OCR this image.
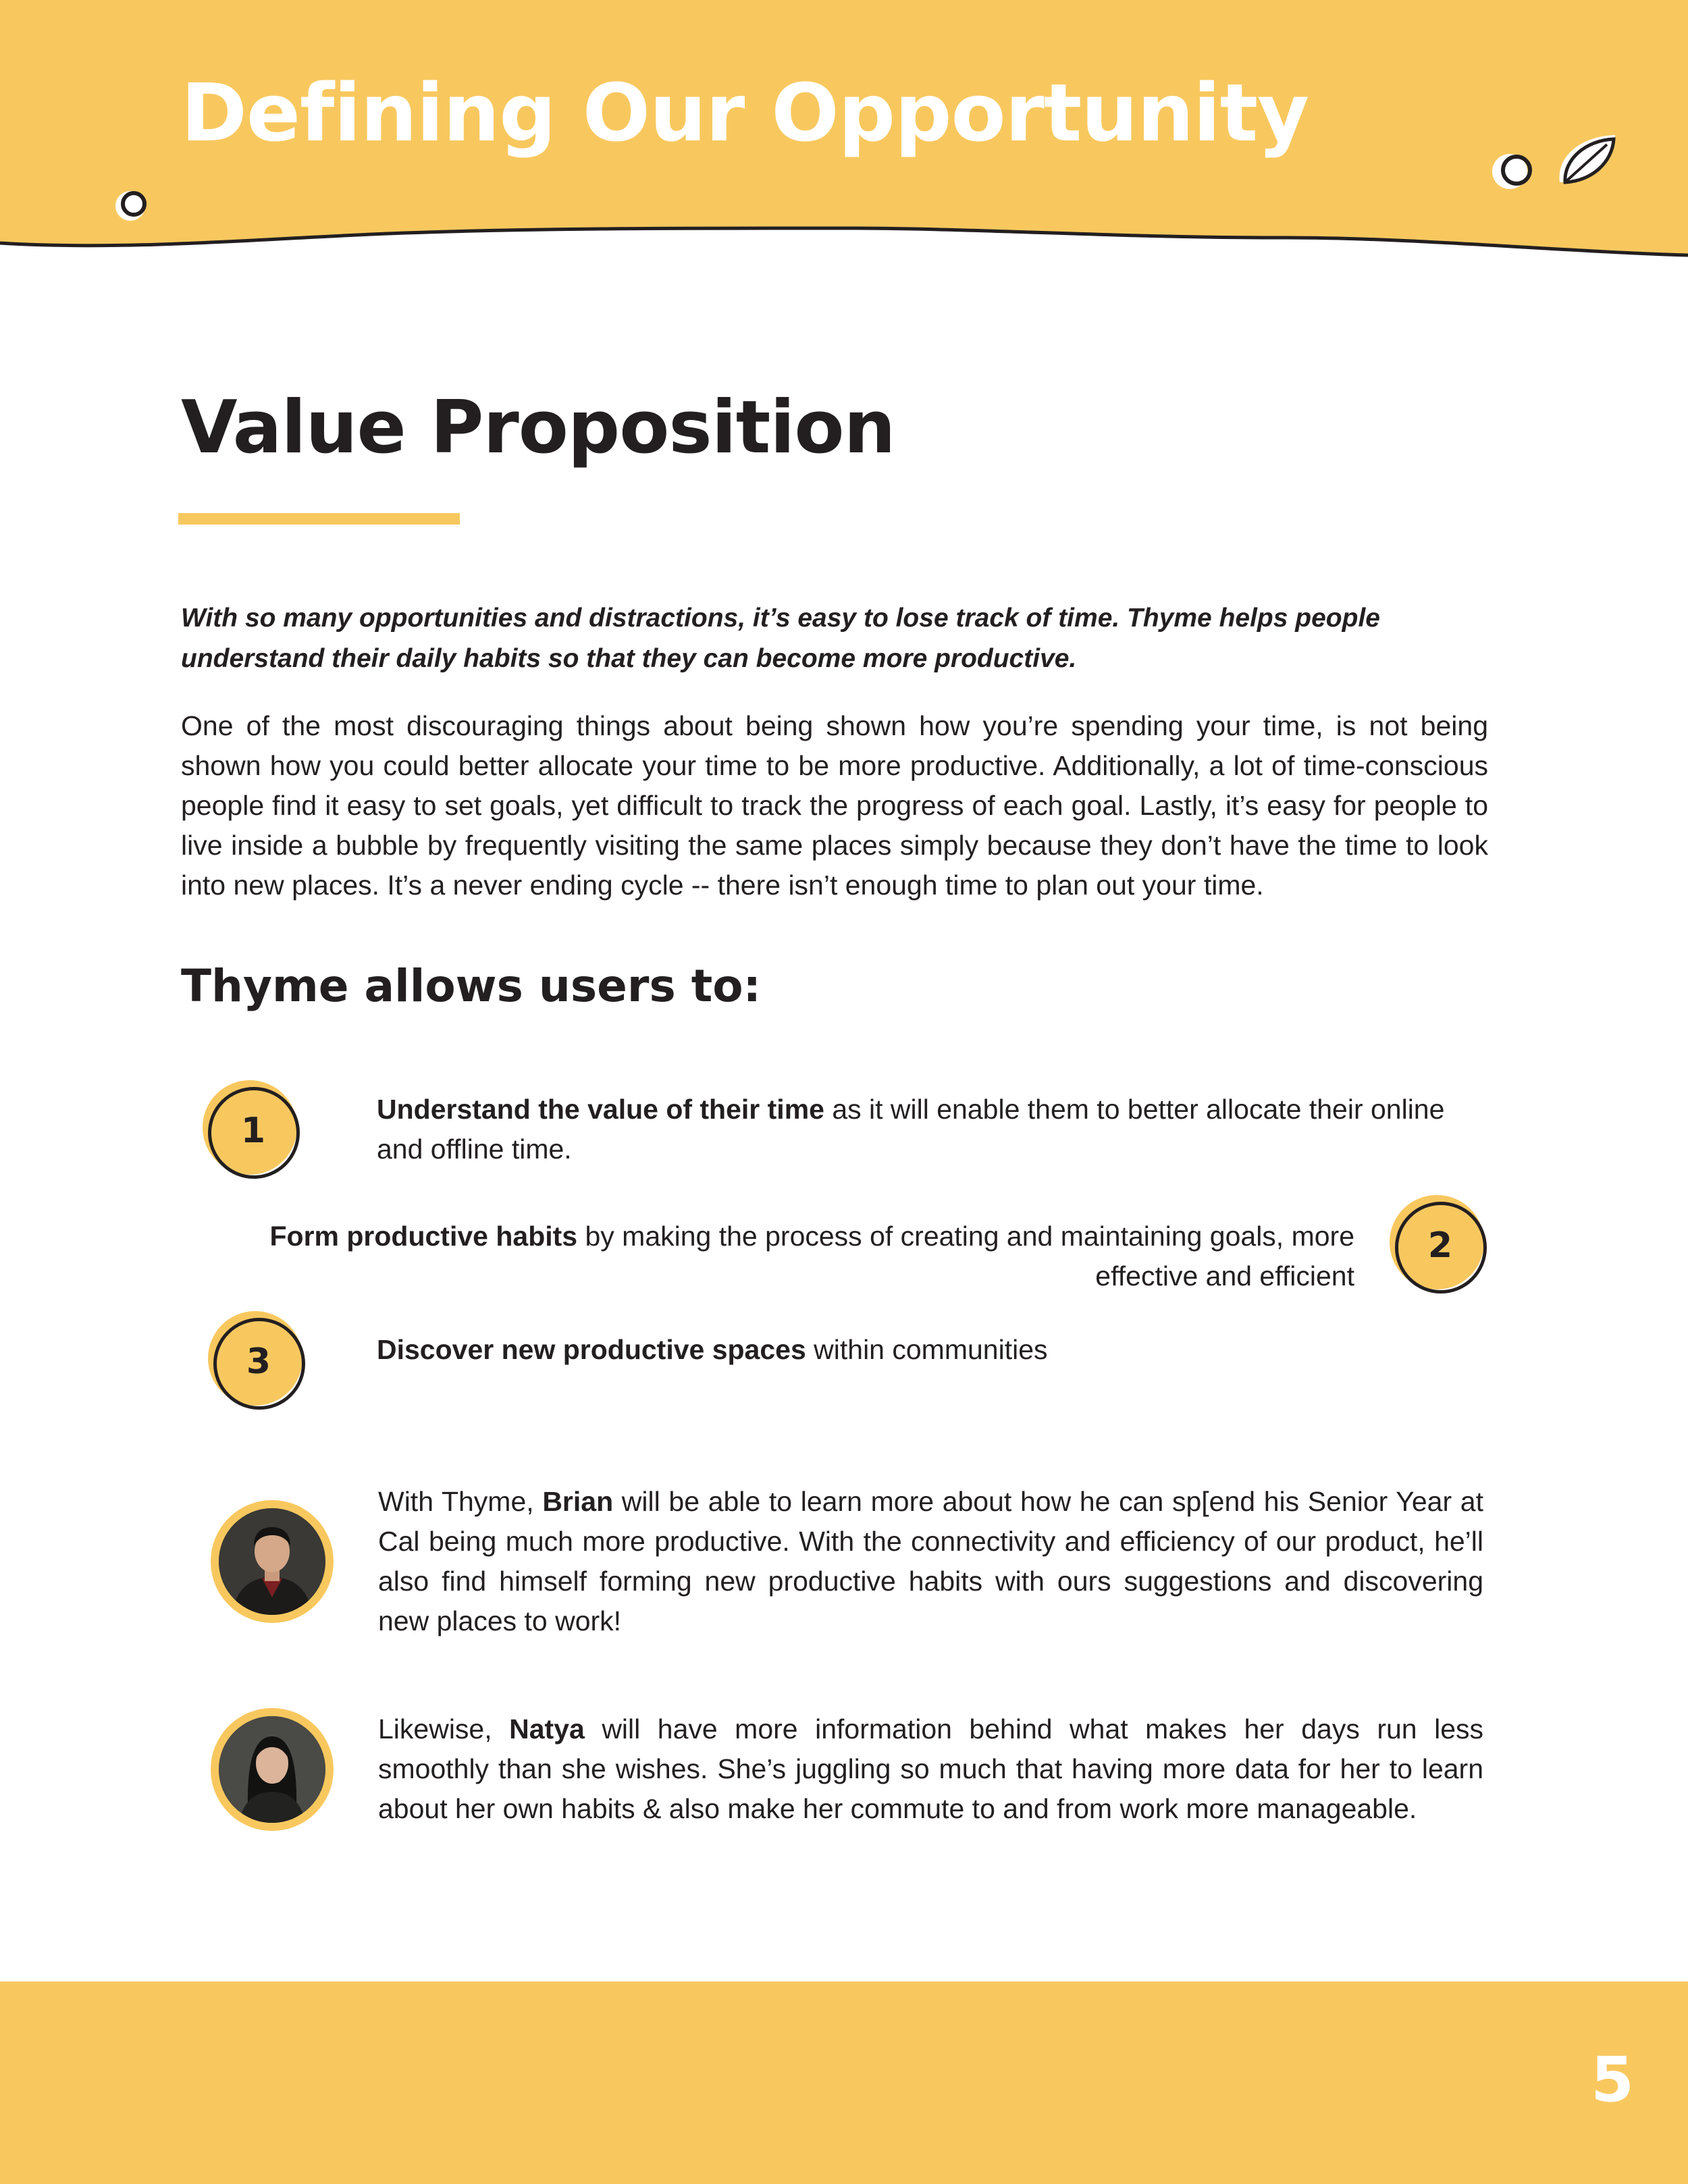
Defining Our Opportunity
Value Proposition

With so many opportunities and distractions, it’s easy to lose track of time. Thyme helps people understand their daily habits so that they can become more productive.

One of the most discouraging things about being shown how you’re spending your time, is not being shown how you could better allocate your time to be more productive. Additionally, a lot of time-conscious people find it easy to set goals, yet difficult to track the progress of each goal. Lastly, it’s easy for people to live inside a bubble by frequently visiting the same places simply because they don’t have the time to look into new places. It’s a never ending cycle -- there isn’t enough time to plan out your time.

Thyme allows users to:
1

Understand the value of their time as it will enable them to better allocate their online and offline time.

Form productive habits by making the process of creating and maintaining goals, more effective and efficient

2
3	Discover new productive spaces within communities

With Thyme, Brian will be able to learn more about how he can sp[end his Senior Year at Cal being much more productive. With the connectivity and efficiency of our product, he’ll also find himself forming new productive habits with ours suggestions and discovering new places to work!

Likewise, Natya will have more information behind what makes her days run less smoothly than she wishes. She’s juggling so much that having more data for her to learn about her own habits & also make her commute to and from work more manageable.

5
